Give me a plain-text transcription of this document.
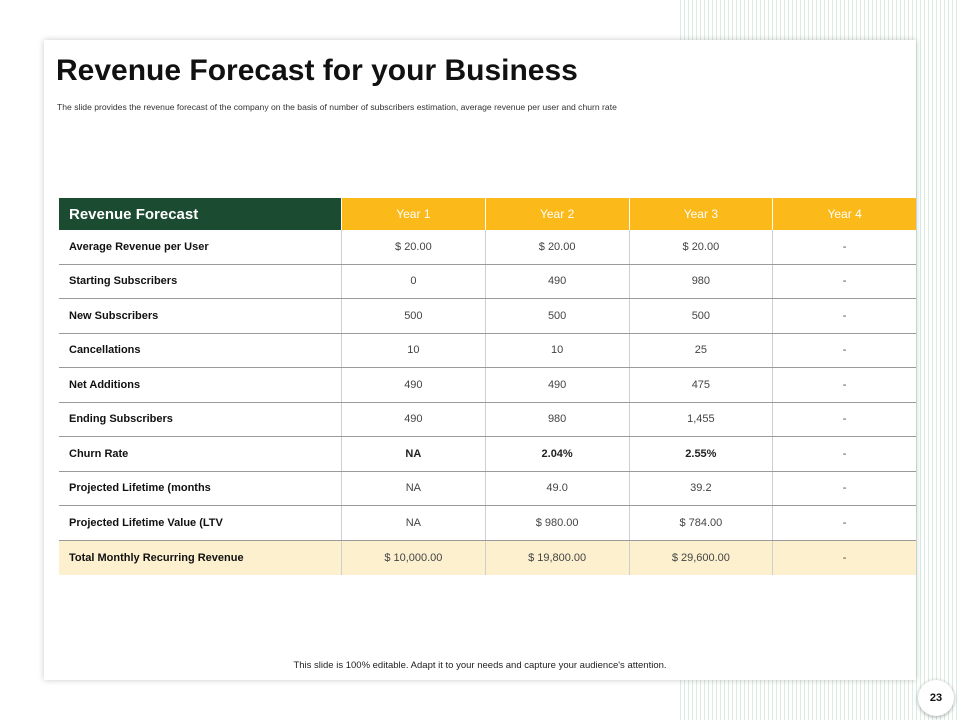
Revenue Forecast for your Business
The slide provides the revenue forecast of the company on the basis of number of subscribers estimation, average revenue per user and churn rate
Revenue Forecast	Year 1	Year 2	Year 3	Year 4
Average Revenue per User	$ 20.00	$ 20.00	$ 20.00	-
Starting Subscribers	0	490	980	-
New Subscribers	500	500	500	-
Cancellations	10	10	25	-
Net Additions	490	490	475	-
Ending Subscribers	490	980	1,455	-
Churn Rate	NA	2.04%	2.55%	-
Projected Lifetime (months	NA	49.0	39.2	-
Projected Lifetime Value (LTV	NA	$ 980.00	$ 784.00	-
Total Monthly Recurring Revenue	$ 10,000.00	$ 19,800.00	$ 29,600.00	-
This slide is 100% editable. Adapt it to your needs and capture your audience's attention.
23
